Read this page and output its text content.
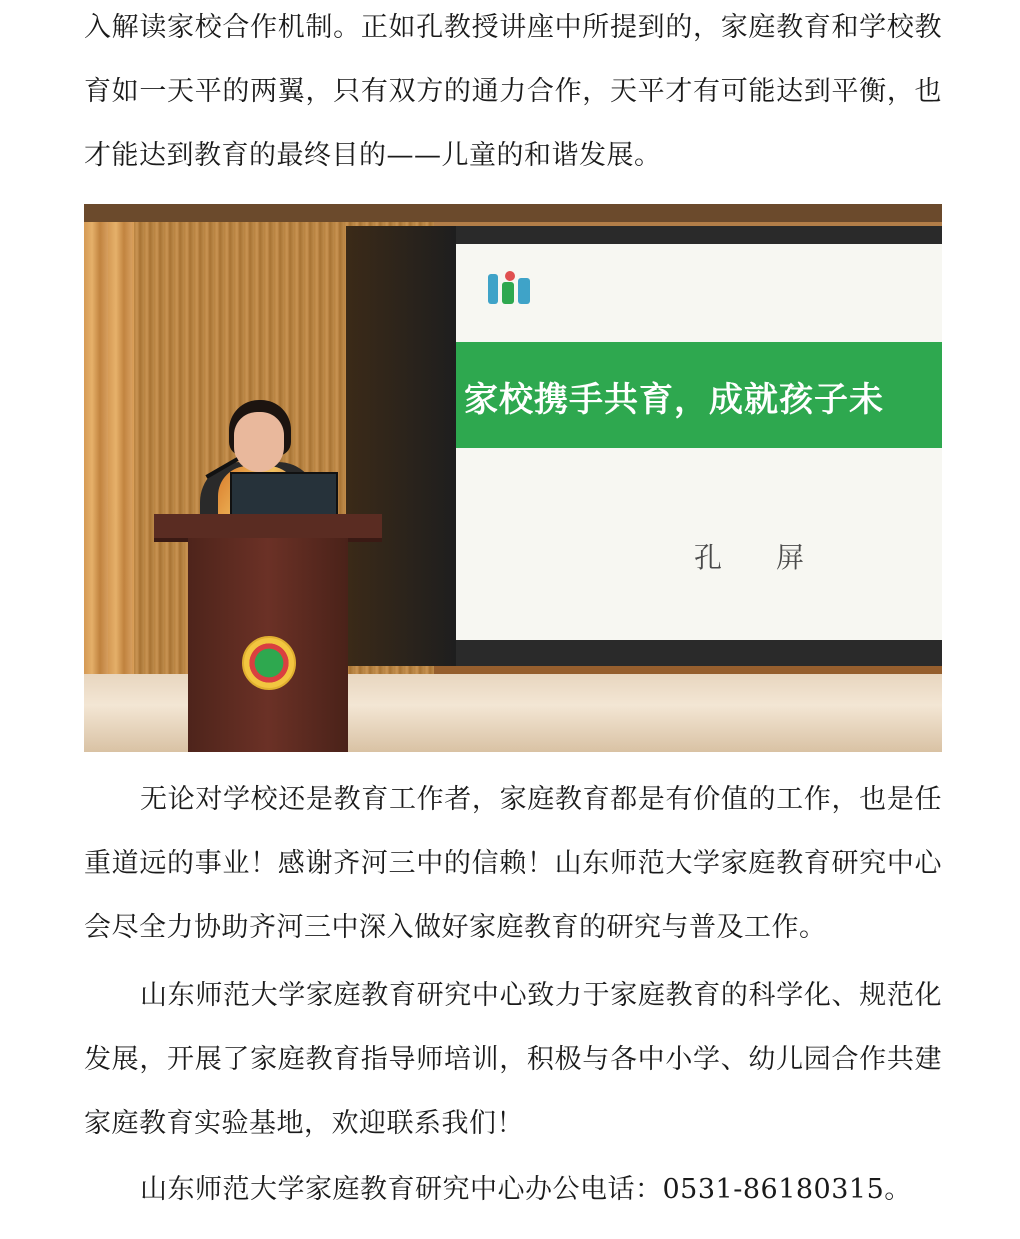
入解读家校合作机制。正如孔教授讲座中所提到的，家庭教育和学校教育如一天平的两翼，只有双方的通力合作，天平才有可能达到平衡，也才能达到教育的最终目的——儿童的和谐发展。
家校携手共育，成就孩子未
孔屏
无论对学校还是教育工作者，家庭教育都是有价值的工作，也是任重道远的事业！感谢齐河三中的信赖！山东师范大学家庭教育研究中心会尽全力协助齐河三中深入做好家庭教育的研究与普及工作。
山东师范大学家庭教育研究中心致力于家庭教育的科学化、规范化发展，开展了家庭教育指导师培训，积极与各中小学、幼儿园合作共建家庭教育实验基地，欢迎联系我们！
山东师范大学家庭教育研究中心办公电话：0531-86180315。
